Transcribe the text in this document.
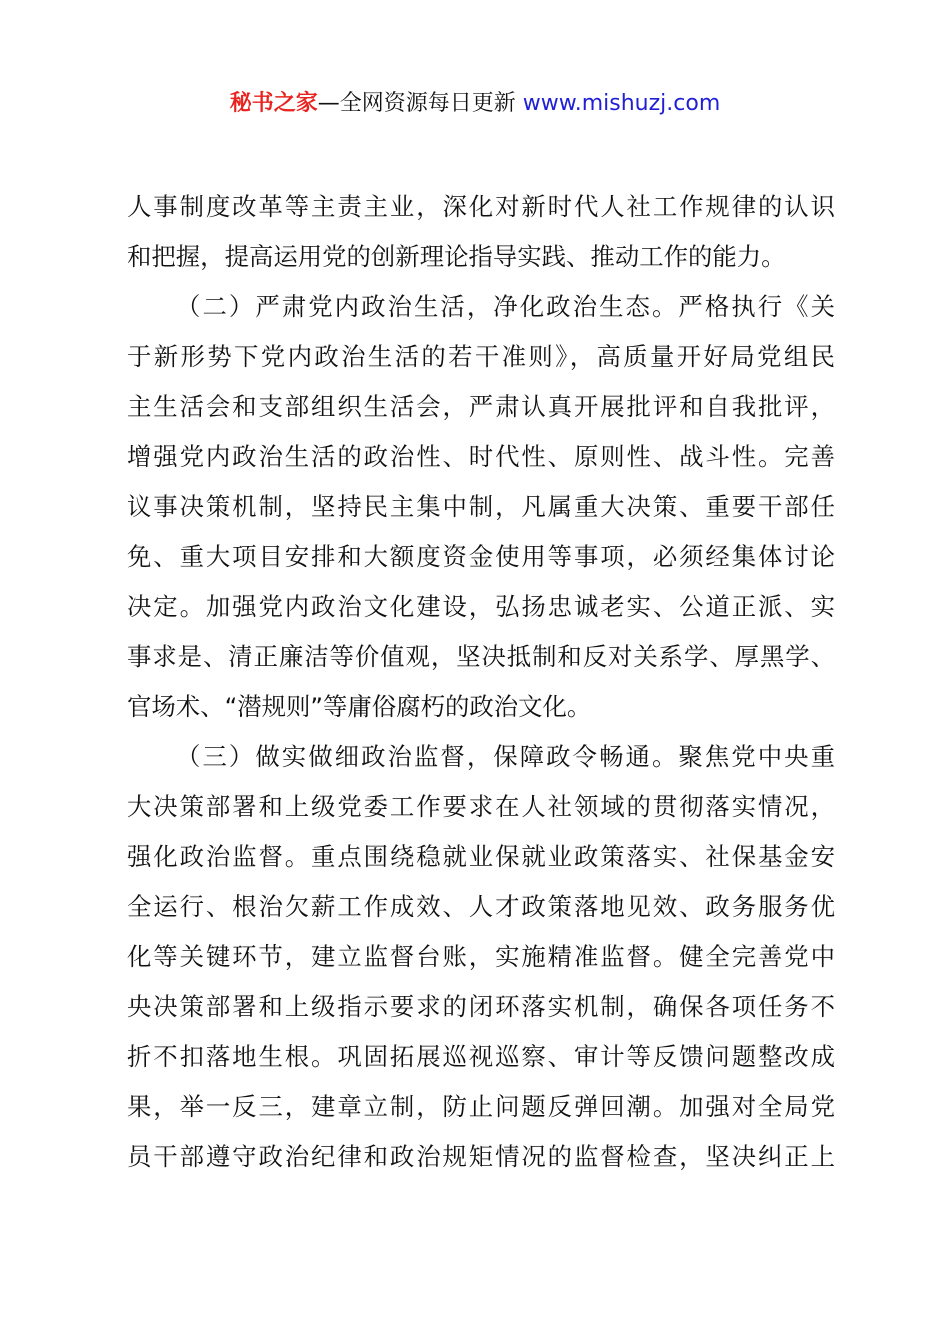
秘书之家—全网资源每日更新 www.mishuzj.com
人事制度改革等主责主业，深化对新时代人社工作规律的认识
和把握，提高运用党的创新理论指导实践、推动工作的能力。
（二）严肃党内政治生活，净化政治生态。严格执行《关
于新形势下党内政治生活的若干准则》，高质量开好局党组民
主生活会和支部组织生活会，严肃认真开展批评和自我批评，
增强党内政治生活的政治性、时代性、原则性、战斗性。完善
议事决策机制，坚持民主集中制，凡属重大决策、重要干部任
免、重大项目安排和大额度资金使用等事项，必须经集体讨论
决定。加强党内政治文化建设，弘扬忠诚老实、公道正派、实
事求是、清正廉洁等价值观，坚决抵制和反对关系学、厚黑学、
官场术、“潜规则”等庸俗腐朽的政治文化。
（三）做实做细政治监督，保障政令畅通。聚焦党中央重
大决策部署和上级党委工作要求在人社领域的贯彻落实情况，
强化政治监督。重点围绕稳就业保就业政策落实、社保基金安
全运行、根治欠薪工作成效、人才政策落地见效、政务服务优
化等关键环节，建立监督台账，实施精准监督。健全完善党中
央决策部署和上级指示要求的闭环落实机制，确保各项任务不
折不扣落地生根。巩固拓展巡视巡察、审计等反馈问题整改成
果，举一反三，建章立制，防止问题反弹回潮。加强对全局党
员干部遵守政治纪律和政治规矩情况的监督检查，坚决纠正上
